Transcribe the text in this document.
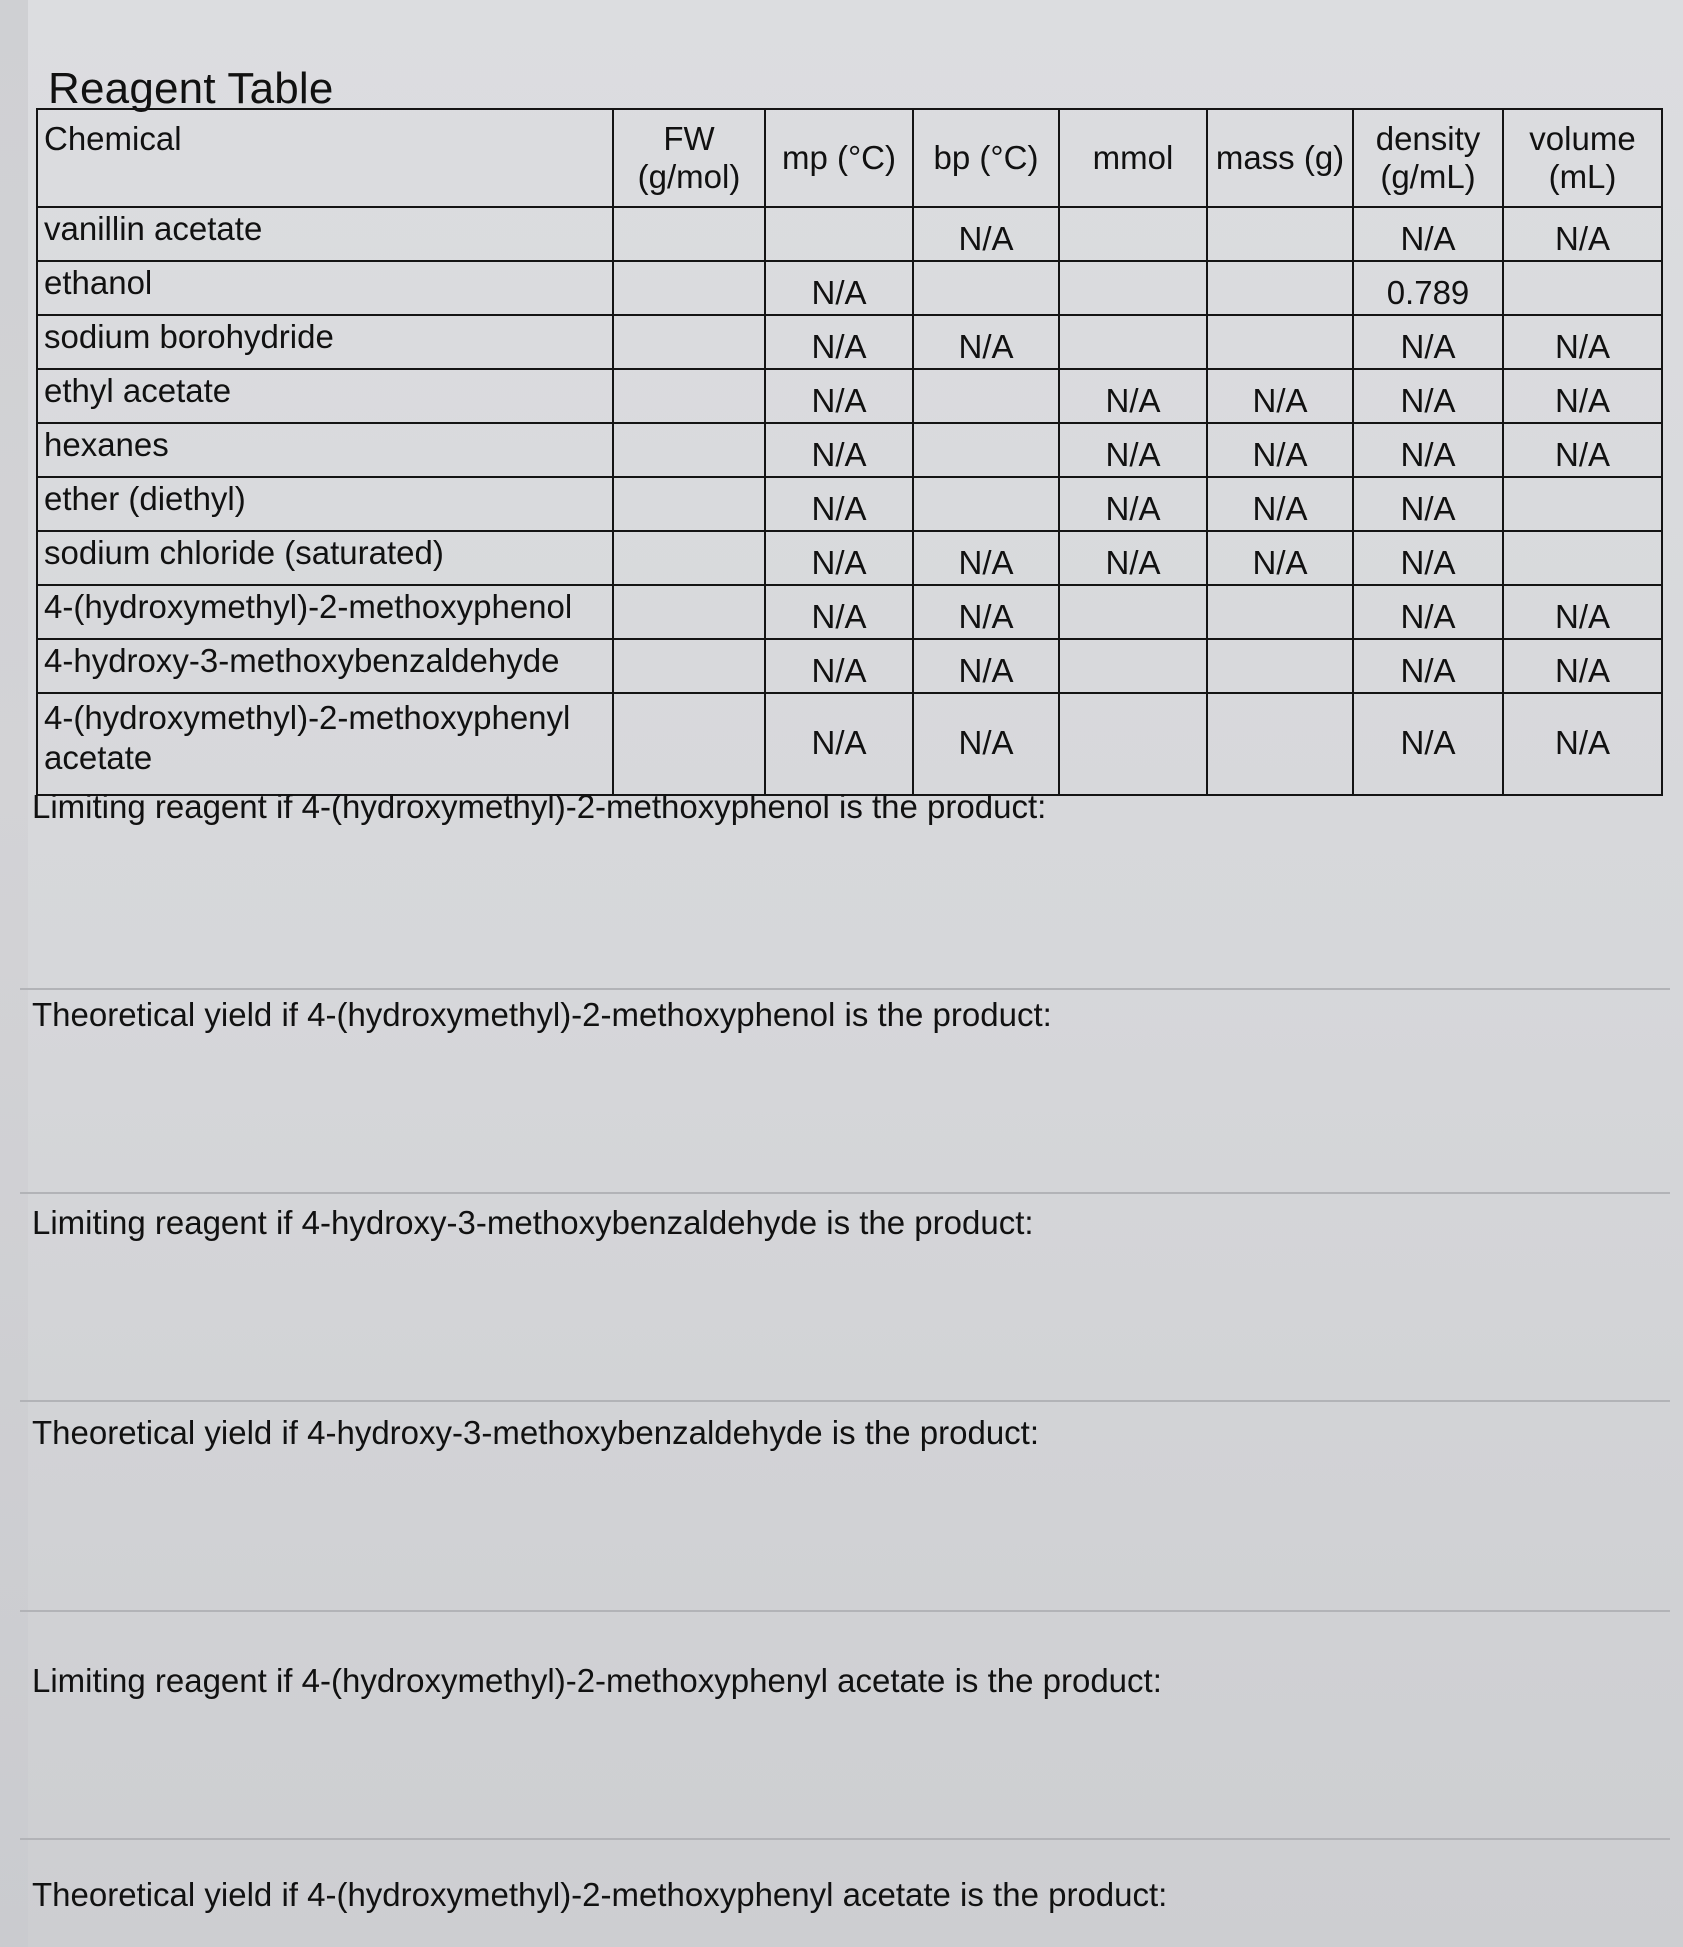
Reagent Table
Chemical	FW (g/mol)	mp (°C)	bp (°C)	mmol	mass (g)	density (g/mL)	volume (mL)
vanillin acetate			N/A			N/A	N/A
ethanol		N/A				0.789	
sodium borohydride		N/A	N/A			N/A	N/A
ethyl acetate		N/A		N/A	N/A	N/A	N/A
hexanes		N/A		N/A	N/A	N/A	N/A
ether (diethyl)		N/A		N/A	N/A	N/A	
sodium chloride (saturated)		N/A	N/A	N/A	N/A	N/A	
4-(hydroxymethyl)-2-methoxyphenol		N/A	N/A			N/A	N/A
4-hydroxy-3-methoxybenzaldehyde		N/A	N/A			N/A	N/A
4-(hydroxymethyl)-2-methoxyphenyl acetate		N/A	N/A			N/A	N/A
Limiting reagent if 4-(hydroxymethyl)-2-methoxyphenol is the product:
Theoretical yield if 4-(hydroxymethyl)-2-methoxyphenol is the product:
Limiting reagent if 4-hydroxy-3-methoxybenzaldehyde is the product:
Theoretical yield if 4-hydroxy-3-methoxybenzaldehyde is the product:
Limiting reagent if 4-(hydroxymethyl)-2-methoxyphenyl acetate is the product:
Theoretical yield if 4-(hydroxymethyl)-2-methoxyphenyl acetate is the product:
